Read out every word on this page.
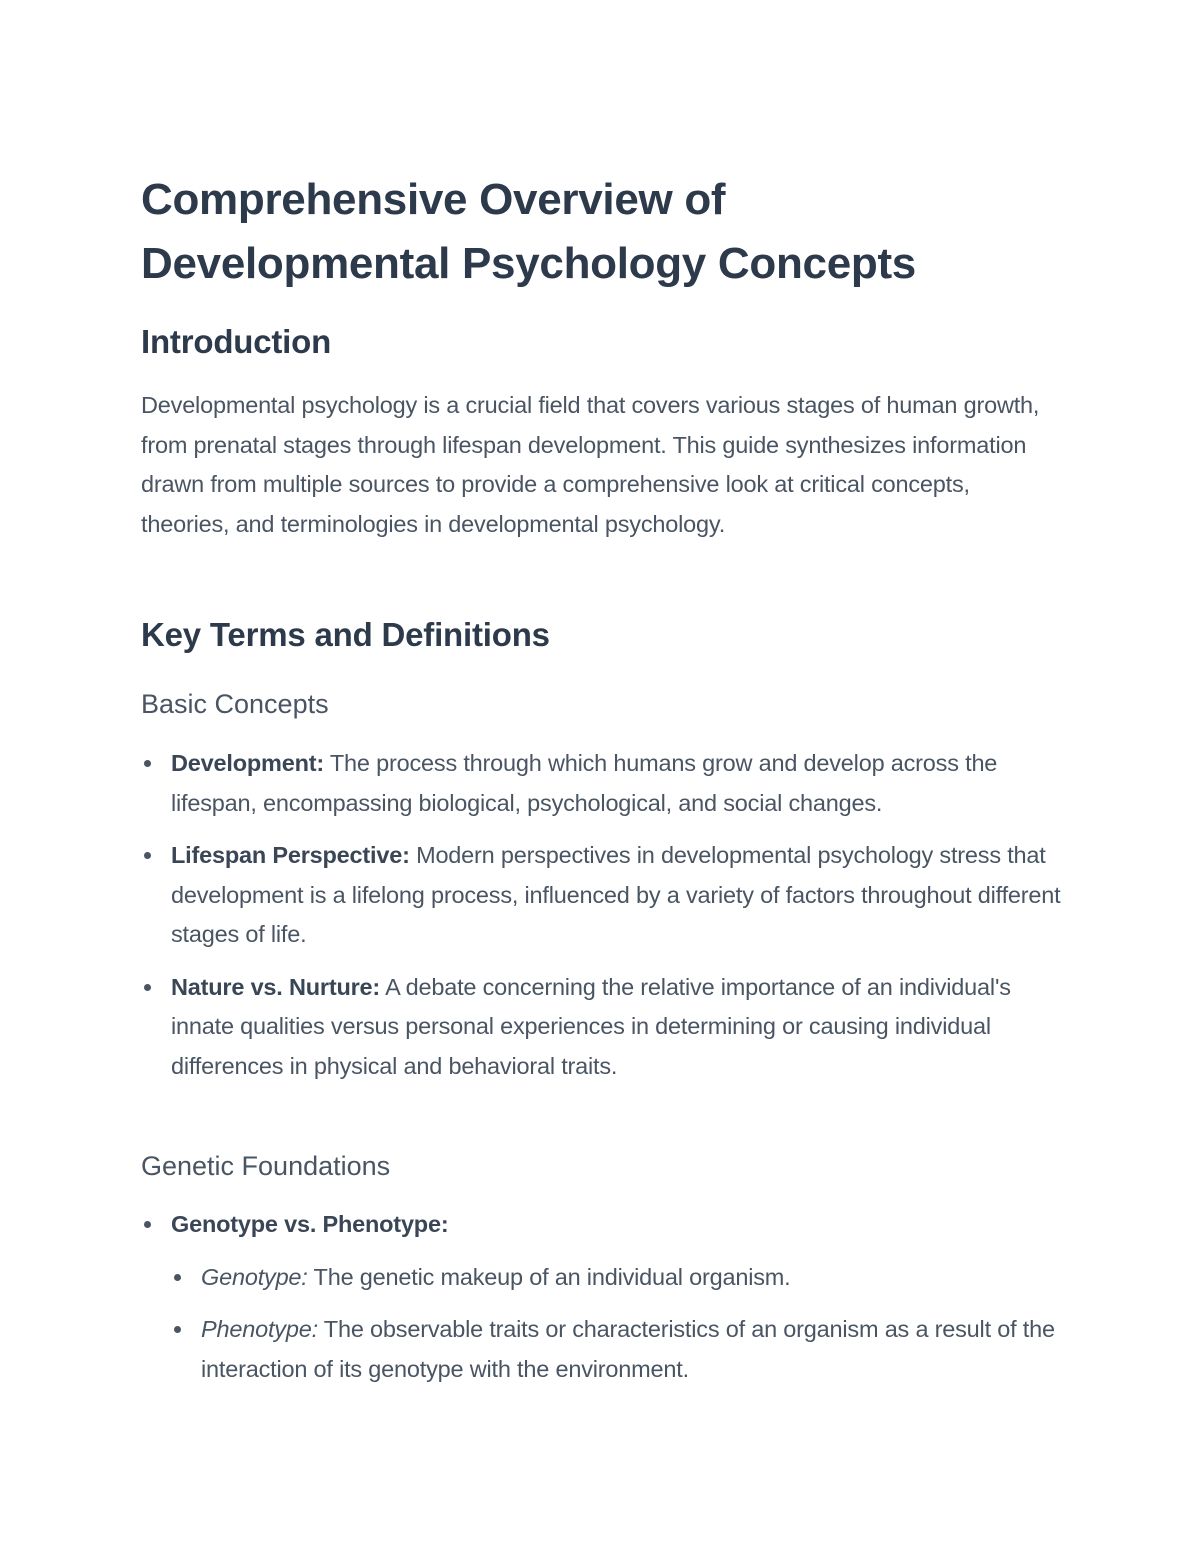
Comprehensive Overview of
Developmental Psychology Concepts
Introduction

Developmental psychology is a crucial field that covers various stages of human growth, from prenatal stages through lifespan development. This guide synthesizes information drawn from multiple sources to provide a comprehensive look at critical concepts, theories, and terminologies in developmental psychology.

Key Terms and Definitions
Basic Concepts
Development: The process through which humans grow and develop across the lifespan, encompassing biological, psychological, and social changes.
Lifespan Perspective: Modern perspectives in developmental psychology stress that development is a lifelong process, influenced by a variety of factors throughout different stages of life.
Nature vs. Nurture: A debate concerning the relative importance of an individual's innate qualities versus personal experiences in determining or causing individual differences in physical and behavioral traits.
Genetic Foundations
Genotype vs. Phenotype:
Genotype: The genetic makeup of an individual organism.
Phenotype: The observable traits or characteristics of an organism as a result of the interaction of its genotype with the environment.
